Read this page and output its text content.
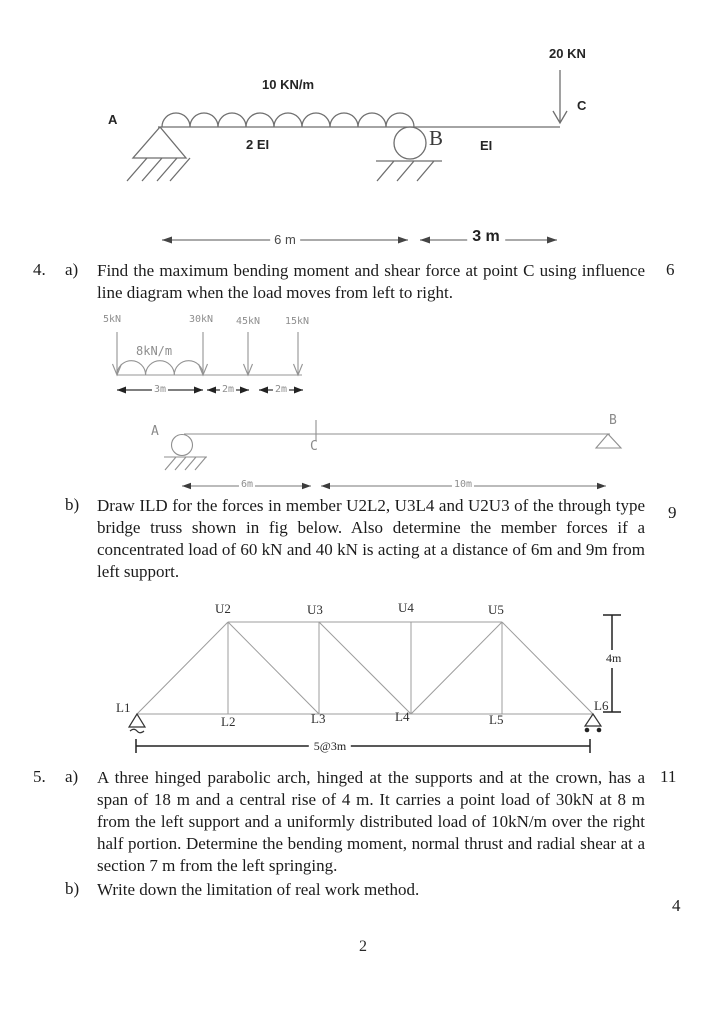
20 KN
C
10 KN/m
A
2 EI	B	EI
6 m	3 m
4. a) Find the maximum bending moment and shear force at point C using influence line diagram when the load moves from left to right.
6
5kN	30kN 45kN 15kN
8kN/m
3m	2m	2m
A
C
B
6m	10m
b) Draw ILD for the forces in member U2L2, U3L4 and U2U3 of the through type bridge truss shown in fig below. Also determine the member forces if a concentrated load of 60 kN and 40 kN is acting at a distance of 6m and 9m from left support.
9
U2	U3	U4	U5
L1
L2	L3	L4	L5
L6
4m
5@3m
5. a) A three hinged parabolic arch, hinged at the supports and at the crown, has a span of 18 m and a central rise of 4 m. It carries a point load of 30kN at 8 m from the left support and a uniformly distributed load of 10kN/m over the right half portion. Determine the bending moment, normal thrust and radial shear at a section 7 m from the left springing.
11
b) Write down the limitation of real work method.
4
2
